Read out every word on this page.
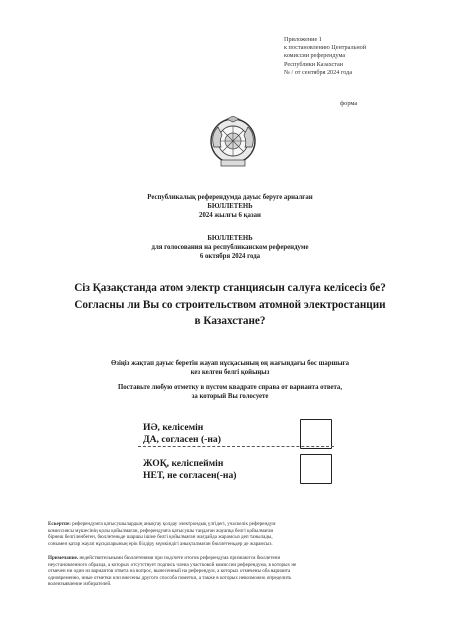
Приложение 1
к постановлению Центральной
комиссии референдума
Республики Казахстан
№ / от сентября 2024 года
форма
Республикалық референдумда дауыс беруге арналған
БЮЛЛЕТЕНЬ
2024 жылғы 6 қазан
БЮЛЛЕТЕНЬ
для голосования на республиканском референдуме
6 октября 2024 года
Сіз Қазақстанда атом электр станциясын салуға келісесіз бе?
Согласны ли Вы со строительством атомной электростанции
в Казахстане?
Өзіңіз жақтап дауыс беретін жауап нұсқасының оң жағындағы бос шаршыға
кез келген белгі қойыңыз
Поставьте любую отметку в пустом квадрате справа от варианта ответа,
за который Вы голосуете
ИӘ, келісемін
ДА, согласен (-на)
ЖОҚ, келіспеймін
НЕТ, не согласен(-на)
Ескертпе: референдумға қатысушылардың анықтау қолдау электрондық үлгідегі, учаскелік референдум
комиссиясы мүшесінің қолы қойылмаған, референдумға қатысушы таңдаған жауапқа белгі қойылмаған
бірнеш белгіленбеген, бюллетеньде шаршы ішіне белгі қойылмаған жағдайда жарамсыз деп танылады,
сонымен қатар жауап нұсқаларының ерік білдіру мүмкіндігі анықталмаған бюллетеньдер де жарамсыз.
Примечание. недействительными бюллетенями при подсчете итогов референдума признаются бюллетени
неустановленного образца, а которых отсутствует подпись члена участковой комиссии референдума, в которых не
отмечен ни один из вариантов ответа на вопрос, вынесенный на референдум, а которых отмечены оба варианта
одновременно, иные отметки или внесены другого способа пометки, а также в которых невозможно определить
волеизъявление избирателей.
